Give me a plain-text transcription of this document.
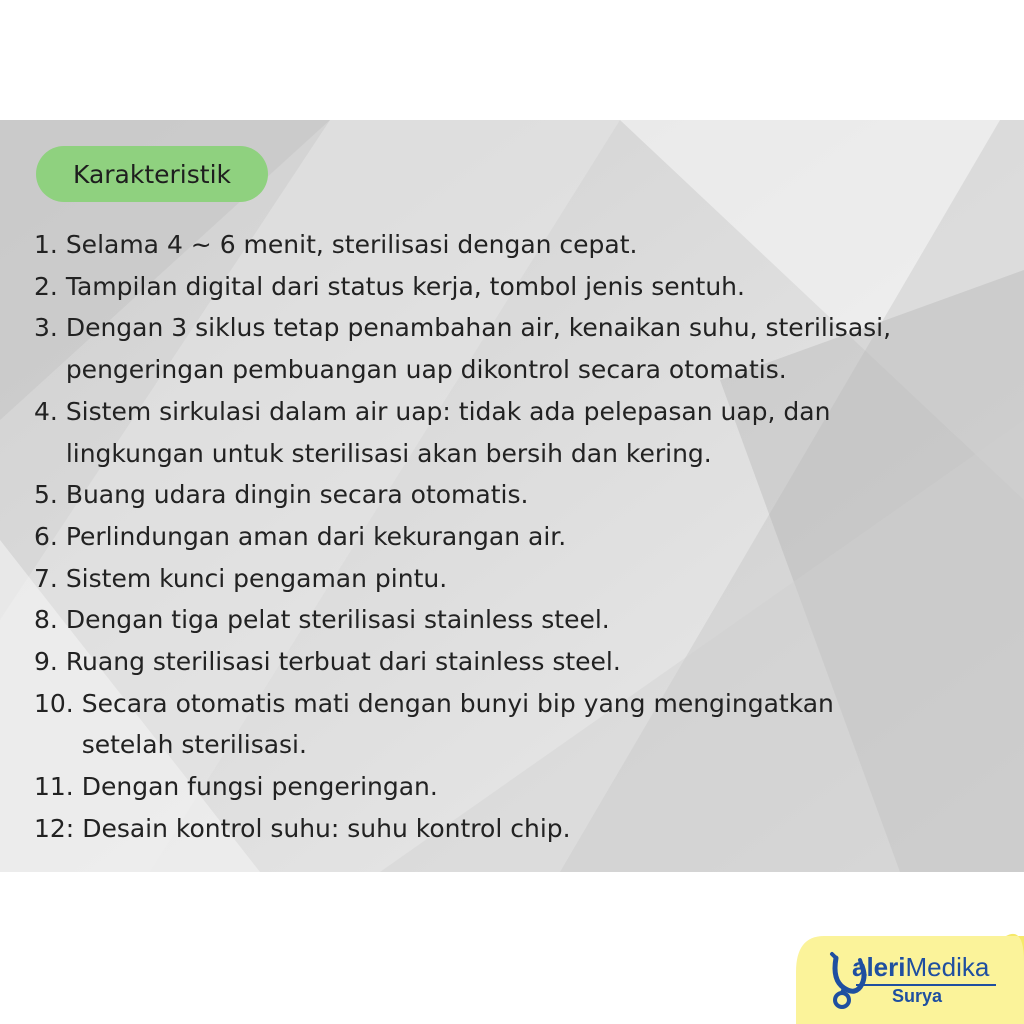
Karakteristik
1. Selama 4 ~ 6 menit, sterilisasi dengan cepat.
2. Tampilan digital dari status kerja, tombol jenis sentuh.
3. Dengan 3 siklus tetap penambahan air, kenaikan suhu, sterilisasi,
pengeringan pembuangan uap dikontrol secara otomatis.
4. Sistem sirkulasi dalam air uap: tidak ada pelepasan uap, dan
lingkungan untuk sterilisasi akan bersih dan kering.
5. Buang udara dingin secara otomatis.
6. Perlindungan aman dari kekurangan air.
7. Sistem kunci pengaman pintu.
8. Dengan tiga pelat sterilisasi stainless steel.
9. Ruang sterilisasi terbuat dari stainless steel.
10. Secara otomatis mati dengan bunyi bip yang mengingatkan
setelah sterilisasi.
11. Dengan fungsi pengeringan.
12: Desain kontrol suhu: suhu kontrol chip.
aleriMedika
Surya
